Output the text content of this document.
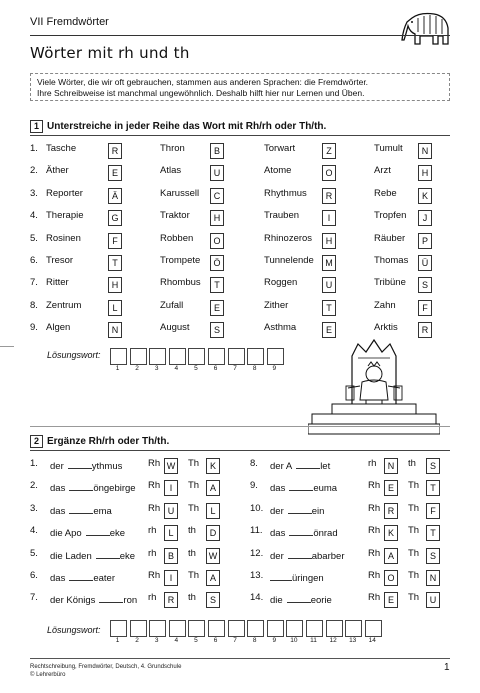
VII Fremdwörter
Wörter mit rh und th
Viele Wörter, die wir oft gebrauchen, stammen aus anderen Sprachen: die Fremdwörter.
Ihre Schreibweise ist manchmal ungewöhnlich. Deshalb hilft hier nur Lernen und Üben.
1 Unterstreiche in jeder Reihe das Wort mit Rh/rh oder Th/th.
1. Tasche	R	Thron	B	Torwart	Z	Tumult	N
2. Äther	E	Atlas	U	Atome	O	Arzt	H
3. Reporter	Ä	Karussell	C	Rhythmus	R	Rebe	K
4. Therapie	G	Traktor	H	Trauben	I	Tropfen	J
5. Rosinen	F	Robben	O	Rhinozeros	H	Räuber	P
6. Tresor	T	Trompete	Ö	Tunnelende	M	Thomas	Ü
7. Ritter	H	Rhombus	T	Roggen	U	Tribüne	S
8. Zentrum	L	Zufall	E	Zither	T	Zahn	F
9. Algen	N	August	S	Asthma	E	Arktis	R
Lösungswort:
1	2	3	4	5	6	7	8	9
2 Ergänze Rh/rh oder Th/th.
1. der	ythmus	Rh W Th	K
2. das	öngebirge Rh	I	Th	A
3. das	ema	Rh U	Th	L
4. die Apo	eke rh	L	th	D
5. die Laden	eke rh	B	th	W
6. das	eater	Rh	I	Th	A
7. der Königs	ron rh	R	th	S
8. der A	let	rh	N	th	S
9. das	euma	Rh E	Th	T
10. der	ein	Rh R	Th	F
11. das	önrad	Rh K	Th	T
12. der	abarber Rh A	Th	S
13.	üringen	Rh O	Th	N
14. die	eorie	Rh E	Th	U
Lösungswort:
1	2	3	4	5	6	7	8	9	10	11	12	13	14
Rechtschreibung, Fremdwörter, Deutsch, 4. Grundschule
© Lehrerbüro
1
